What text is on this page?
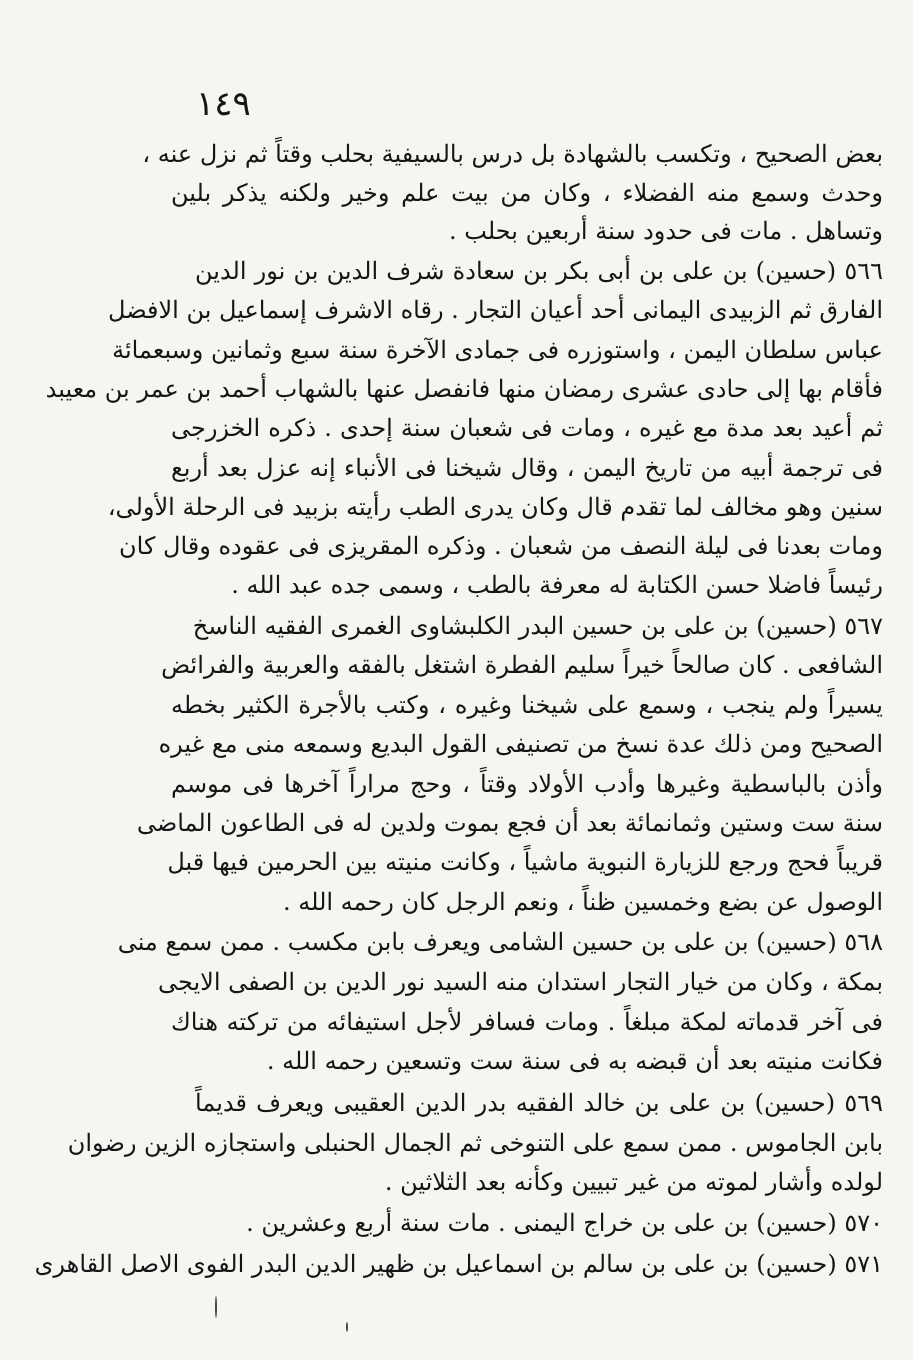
١٤٩
بعض الصحيح ، وتكسب بالشهادة بل درس بالسيفية بحلب وقتاً ثم نزل عنه ،
وحدث وسمع منه الفضلاء ، وكان من بيت علم وخير ولكنه يذكر بلين
وتساهل . مات فى حدود سنة أربعين بحلب .
٥٦٦ (حسين) بن على بن أبى بكر بن سعادة شرف الدين بن نور الدين
الفارق ثم الزبيدى اليمانى أحد أعيان التجار . رقاه الاشرف إسماعيل بن الافضل
عباس سلطان اليمن ، واستوزره فى جمادى الآخرة سنة سبع وثمانين وسبعمائة
فأقام بها إلى حادى عشرى رمضان منها فانفصل عنها بالشهاب أحمد بن عمر بن معيبد
ثم أعيد بعد مدة مع غيره ، ومات فى شعبان سنة إحدى . ذكره الخزرجى
فى ترجمة أبيه من تاريخ اليمن ، وقال شيخنا فى الأنباء إنه عزل بعد أربع
سنين وهو مخالف لما تقدم قال وكان يدرى الطب رأيته بزبيد فى الرحلة الأولى،
ومات بعدنا فى ليلة النصف من شعبان . وذكره المقريزى فى عقوده وقال كان
رئيساً فاضلا حسن الكتابة له معرفة بالطب ، وسمى جده عبد الله .
٥٦٧ (حسين) بن على بن حسين البدر الكلبشاوى الغمرى الفقيه الناسخ
الشافعى . كان صالحاً خيراً سليم الفطرة اشتغل بالفقه والعربية والفرائض
يسيراً ولم ينجب ، وسمع على شيخنا وغيره ، وكتب بالأجرة الكثير بخطه
الصحيح ومن ذلك عدة نسخ من تصنيفى القول البديع وسمعه منى مع غيره
وأذن بالباسطية وغيرها وأدب الأولاد وقتاً ، وحج مراراً آخرها فى موسم
سنة ست وستين وثمانمائة بعد أن فجع بموت ولدين له فى الطاعون الماضى
قريباً فحج ورجع للزيارة النبوية ماشياً ، وكانت منيته بين الحرمين فيها قبل
الوصول عن بضع وخمسين ظناً ، ونعم الرجل كان رحمه الله .
٥٦٨ (حسين) بن على بن حسين الشامى ويعرف بابن مكسب . ممن سمع منى
بمكة ، وكان من خيار التجار استدان منه السيد نور الدين بن الصفى الايجى
فى آخر قدماته لمكة مبلغاً . ومات فسافر لأجل استيفائه من تركته هناك
فكانت منيته بعد أن قبضه به فى سنة ست وتسعين رحمه الله .
٥٦٩ (حسين) بن على بن خالد الفقيه بدر الدين العقيبى ويعرف قديماً
بابن الجاموس . ممن سمع على التنوخى ثم الجمال الحنبلى واستجازه الزين رضوان
لولده وأشار لموته من غير تبيين وكأنه بعد الثلاثين .
٥٧٠ (حسين) بن على بن خراج اليمنى . مات سنة أربع وعشرين .
٥٧١ (حسين) بن على بن سالم بن اسماعيل بن ظهير الدين البدر الفوى الاصل القاهرى
